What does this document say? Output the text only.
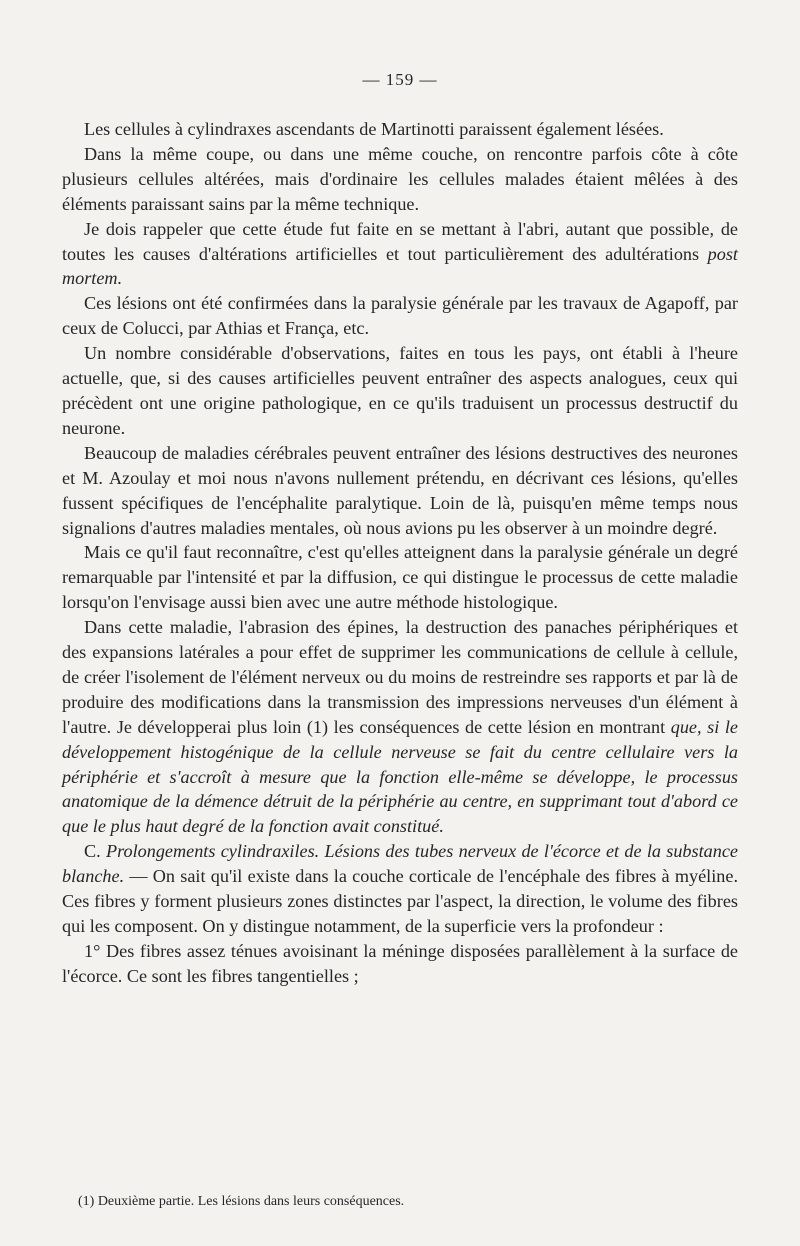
— 159 —

Les cellules à cylindraxes ascendants de Martinotti paraissent également lésées.

Dans la même coupe, ou dans une même couche, on rencontre parfois côte à côte plusieurs cellules altérées, mais d'ordinaire les cellules malades étaient mêlées à des éléments paraissant sains par la même technique.

Je dois rappeler que cette étude fut faite en se mettant à l'abri, autant que possible, de toutes les causes d'altérations artificielles et tout particulièrement des adultérations post mortem.

Ces lésions ont été confirmées dans la paralysie générale par les travaux de Agapoff, par ceux de Colucci, par Athias et França, etc.

Un nombre considérable d'observations, faites en tous les pays, ont établi à l'heure actuelle, que, si des causes artificielles peuvent entraîner des aspects analogues, ceux qui précèdent ont une origine pathologique, en ce qu'ils traduisent un processus destructif du neurone.

Beaucoup de maladies cérébrales peuvent entraîner des lésions destructives des neurones et M. Azoulay et moi nous n'avons nullement prétendu, en décrivant ces lésions, qu'elles fussent spécifiques de l'encéphalite paralytique. Loin de là, puisqu'en même temps nous signalions d'autres maladies mentales, où nous avions pu les observer à un moindre degré.

Mais ce qu'il faut reconnaître, c'est qu'elles atteignent dans la paralysie générale un degré remarquable par l'intensité et par la diffusion, ce qui distingue le processus de cette maladie lorsqu'on l'envisage aussi bien avec une autre méthode histologique.

Dans cette maladie, l'abrasion des épines, la destruction des panaches périphériques et des expansions latérales a pour effet de supprimer les communications de cellule à cellule, de créer l'isolement de l'élément nerveux ou du moins de restreindre ses rapports et par là de produire des modifications dans la transmission des impressions nerveuses d'un élément à l'autre. Je développerai plus loin (1) les conséquences de cette lésion en montrant que, si le développement histogénique de la cellule nerveuse se fait du centre cellulaire vers la périphérie et s'accroît à mesure que la fonction elle-même se développe, le processus anatomique de la démence détruit de la périphérie au centre, en supprimant tout d'abord ce que le plus haut degré de la fonction avait constitué.

C. Prolongements cylindraxiles. Lésions des tubes nerveux de l'écorce et de la substance blanche. — On sait qu'il existe dans la couche corticale de l'encéphale des fibres à myéline. Ces fibres y forment plusieurs zones distinctes par l'aspect, la direction, le volume des fibres qui les composent. On y distingue notamment, de la superficie vers la profondeur :

1° Des fibres assez ténues avoisinant la méninge disposées parallèlement à la surface de l'écorce. Ce sont les fibres tangentielles ;

(1) Deuxième partie. Les lésions dans leurs conséquences.
